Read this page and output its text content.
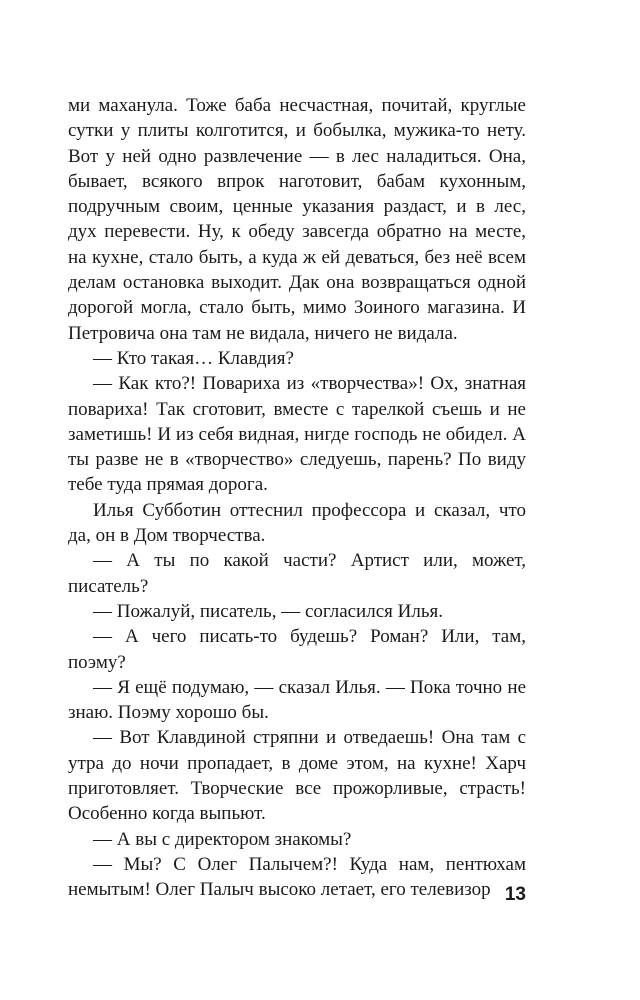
ми маханула. Тоже баба несчастная, почитай, круглые сутки у плиты колготится, и бобылка, мужика-то нету. Вот у ней одно развлечение — в лес наладиться. Она, бывает, всякого впрок наготовит, бабам кухонным, подручным своим, ценные указания раздаст, и в лес, дух перевести. Ну, к обеду завсегда обратно на месте, на кухне, стало быть, а куда ж ей деваться, без неё всем делам остановка выходит. Дак она возвращаться одной дорогой могла, стало быть, мимо Зоиного магазина. И Петровича она там не видала, ничего не видала.

— Кто такая… Клавдия?

— Как кто?! Повариха из «творчества»! Ох, знатная повариха! Так сготовит, вместе с тарелкой съешь и не заметишь! И из себя видная, нигде господь не обидел. А ты разве не в «творчество» следуешь, парень? По виду тебе туда прямая дорога.

Илья Субботин оттеснил профессора и сказал, что да, он в Дом творчества.

— А ты по какой части? Артист или, может, писатель?

— Пожалуй, писатель, — согласился Илья.

— А чего писать-то будешь? Роман? Или, там, поэму?

— Я ещё подумаю, — сказал Илья. — Пока точно не знаю. Поэму хорошо бы.

— Вот Клавдиной стряпни и отведаешь! Она там с утра до ночи пропадает, в доме этом, на кухне! Харч приготовляет. Творческие все прожорливые, страсть! Особенно когда выпьют.

— А вы с директором знакомы?

— Мы? С Олег Палычем?! Куда нам, пентюхам немытым! Олег Палыч высоко летает, его телевизор 13
